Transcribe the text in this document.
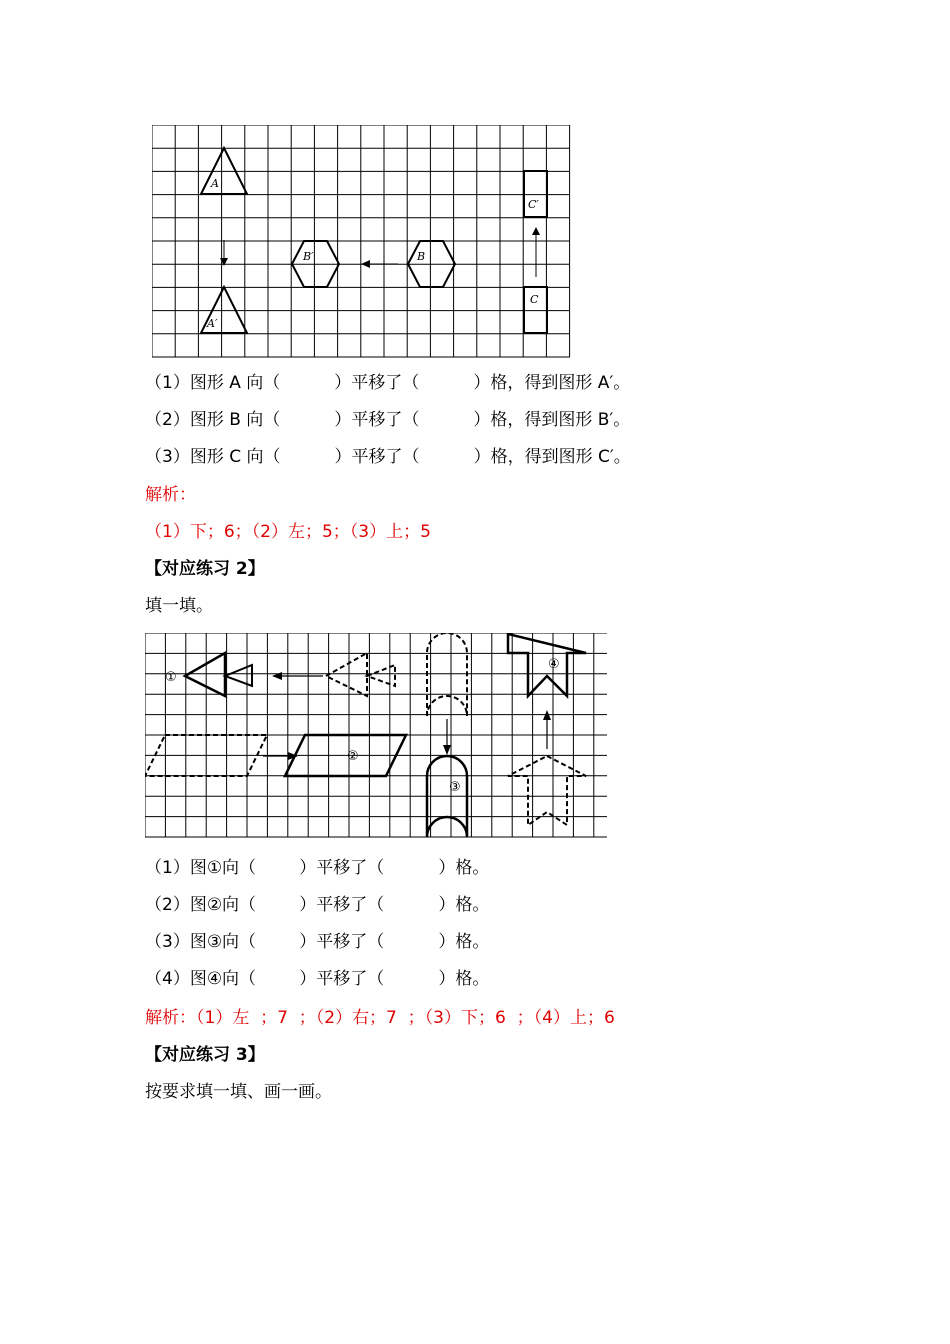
A
A′
B′	B
C′
C
（1）图形 A 向（          ）平移了（          ）格，得到图形 A′。
（2）图形 B 向（          ）平移了（          ）格，得到图形 B′。
（3）图形 C 向（          ）平移了（          ）格，得到图形 C′。
解析：
（1）下；6；（2）左；5；（3）上；5
【对应练习 2】
填一填。
①
②
③
④
（1）图①向（        ）平移了（          ）格。
（2）图②向（        ）平移了（          ）格。
（3）图③向（        ）平移了（          ）格。
（4）图④向（        ）平移了（          ）格。
解析：（1）左  ；7  ；（2）右；7  ；（3）下；6  ；（4）上；6
【对应练习 3】
按要求填一填、画一画。
